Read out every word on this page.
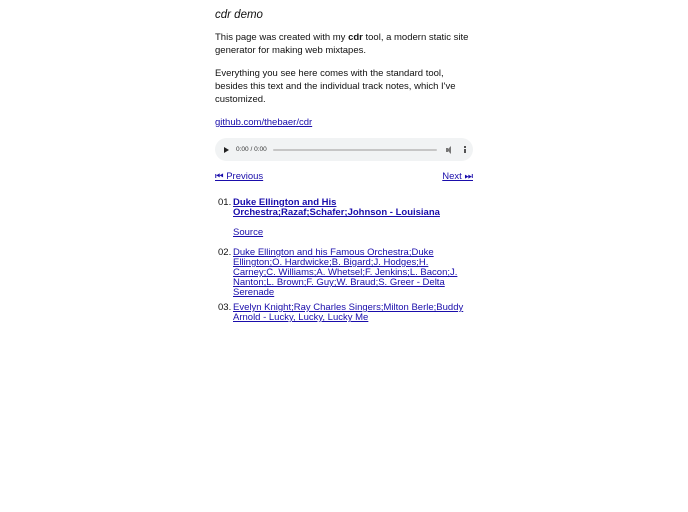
cdr demo

This page was created with my cdr tool, a modern static site generator for making web mixtapes.

Everything you see here comes with the standard tool, besides this text and the individual track notes, which I've customized.

github.com/thebaer/cdr

0:00 / 0:00
⏮ Previous	Next ⏭
01. Duke Ellington and His Orchestra;Razaf;Schafer;Johnson - Louisiana
Source
02. Duke Ellington and his Famous Orchestra;Duke Ellington;O. Hardwicke;B. Bigard;J. Hodges;H. Carney;C. Williams;A. Whetsel;F. Jenkins;L. Bacon;J. Nanton;L. Brown;F. Guy;W. Braud;S. Greer - Delta Serenade
03. Evelyn Knight;Ray Charles Singers;Milton Berle;Buddy Arnold - Lucky, Lucky, Lucky Me
